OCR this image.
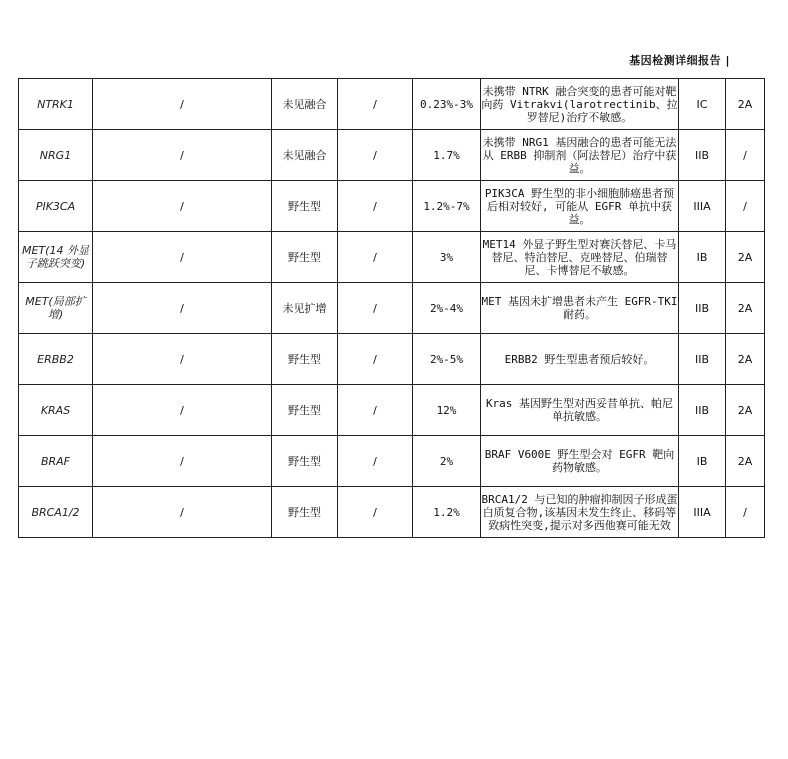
基因检测详细报告 |
NTRK1	/	未见融合	/	0.23%-3%	未携带 NTRK 融合突变的患者可能对靶向药 Vitrakvi(larotrectinib、拉罗替尼)治疗不敏感。	IC	2A
NRG1	/	未见融合	/	1.7%	未携带 NRG1 基因融合的患者可能无法从 ERBB 抑制剂（阿法替尼）治疗中获益。	IIB	/
PIK3CA	/	野生型	/	1.2%-7%	PIK3CA 野生型的非小细胞肺癌患者预后相对较好, 可能从 EGFR 单抗中获益。	IIIA	/
MET(14 外显子跳跃突变)	/	野生型	/	3%	MET14 外显子野生型对赛沃替尼、卡马替尼、特泊替尼、克唑替尼、伯瑞替尼、卡博替尼不敏感。	IB	2A
MET(局部扩增)	/	未见扩增	/	2%-4%	MET 基因未扩增患者未产生 EGFR-TKI 耐药。	IIB	2A
ERBB2	/	野生型	/	2%-5%	ERBB2 野生型患者预后较好。	IIB	2A
KRAS	/	野生型	/	12%	Kras 基因野生型对西妥昔单抗、帕尼单抗敏感。	IIB	2A
BRAF	/	野生型	/	2%	BRAF V600E 野生型会对 EGFR 靶向药物敏感。	IB	2A
BRCA1/2	/	野生型	/	1.2%	BRCA1/2 与已知的肿瘤抑制因子形成蛋白质复合物,该基因未发生终止、移码等致病性突变,提示对多西他赛可能无效	IIIA	/
